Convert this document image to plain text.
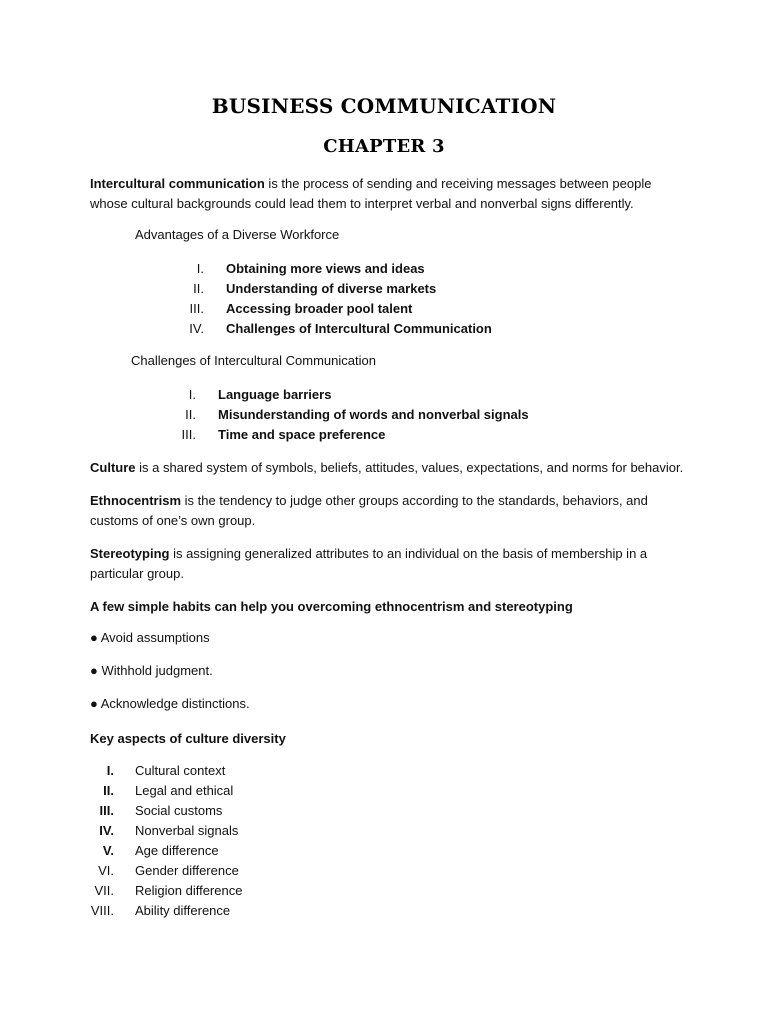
BUSINESS COMMUNICATION
CHAPTER 3
Intercultural communication is the process of sending and receiving messages between people whose cultural backgrounds could lead them to interpret verbal and nonverbal signs differently.
Advantages of a Diverse Workforce
I. Obtaining more views and ideas
II. Understanding of diverse markets
III. Accessing broader pool talent
IV. Challenges of Intercultural Communication
Challenges of Intercultural Communication
I. Language barriers
II. Misunderstanding of words and nonverbal signals
III. Time and space preference
Culture is a shared system of symbols, beliefs, attitudes, values, expectations, and norms for behavior.
Ethnocentrism is the tendency to judge other groups according to the standards, behaviors, and customs of one’s own group.
Stereotyping is assigning generalized attributes to an individual on the basis of membership in a particular group.
A few simple habits can help you overcoming ethnocentrism and stereotyping
● Avoid assumptions
● Withhold judgment.
● Acknowledge distinctions.
Key aspects of culture diversity
I. Cultural context
II. Legal and ethical
III. Social customs
IV. Nonverbal signals
V. Age difference
VI. Gender difference
VII. Religion difference
VIII. Ability difference
